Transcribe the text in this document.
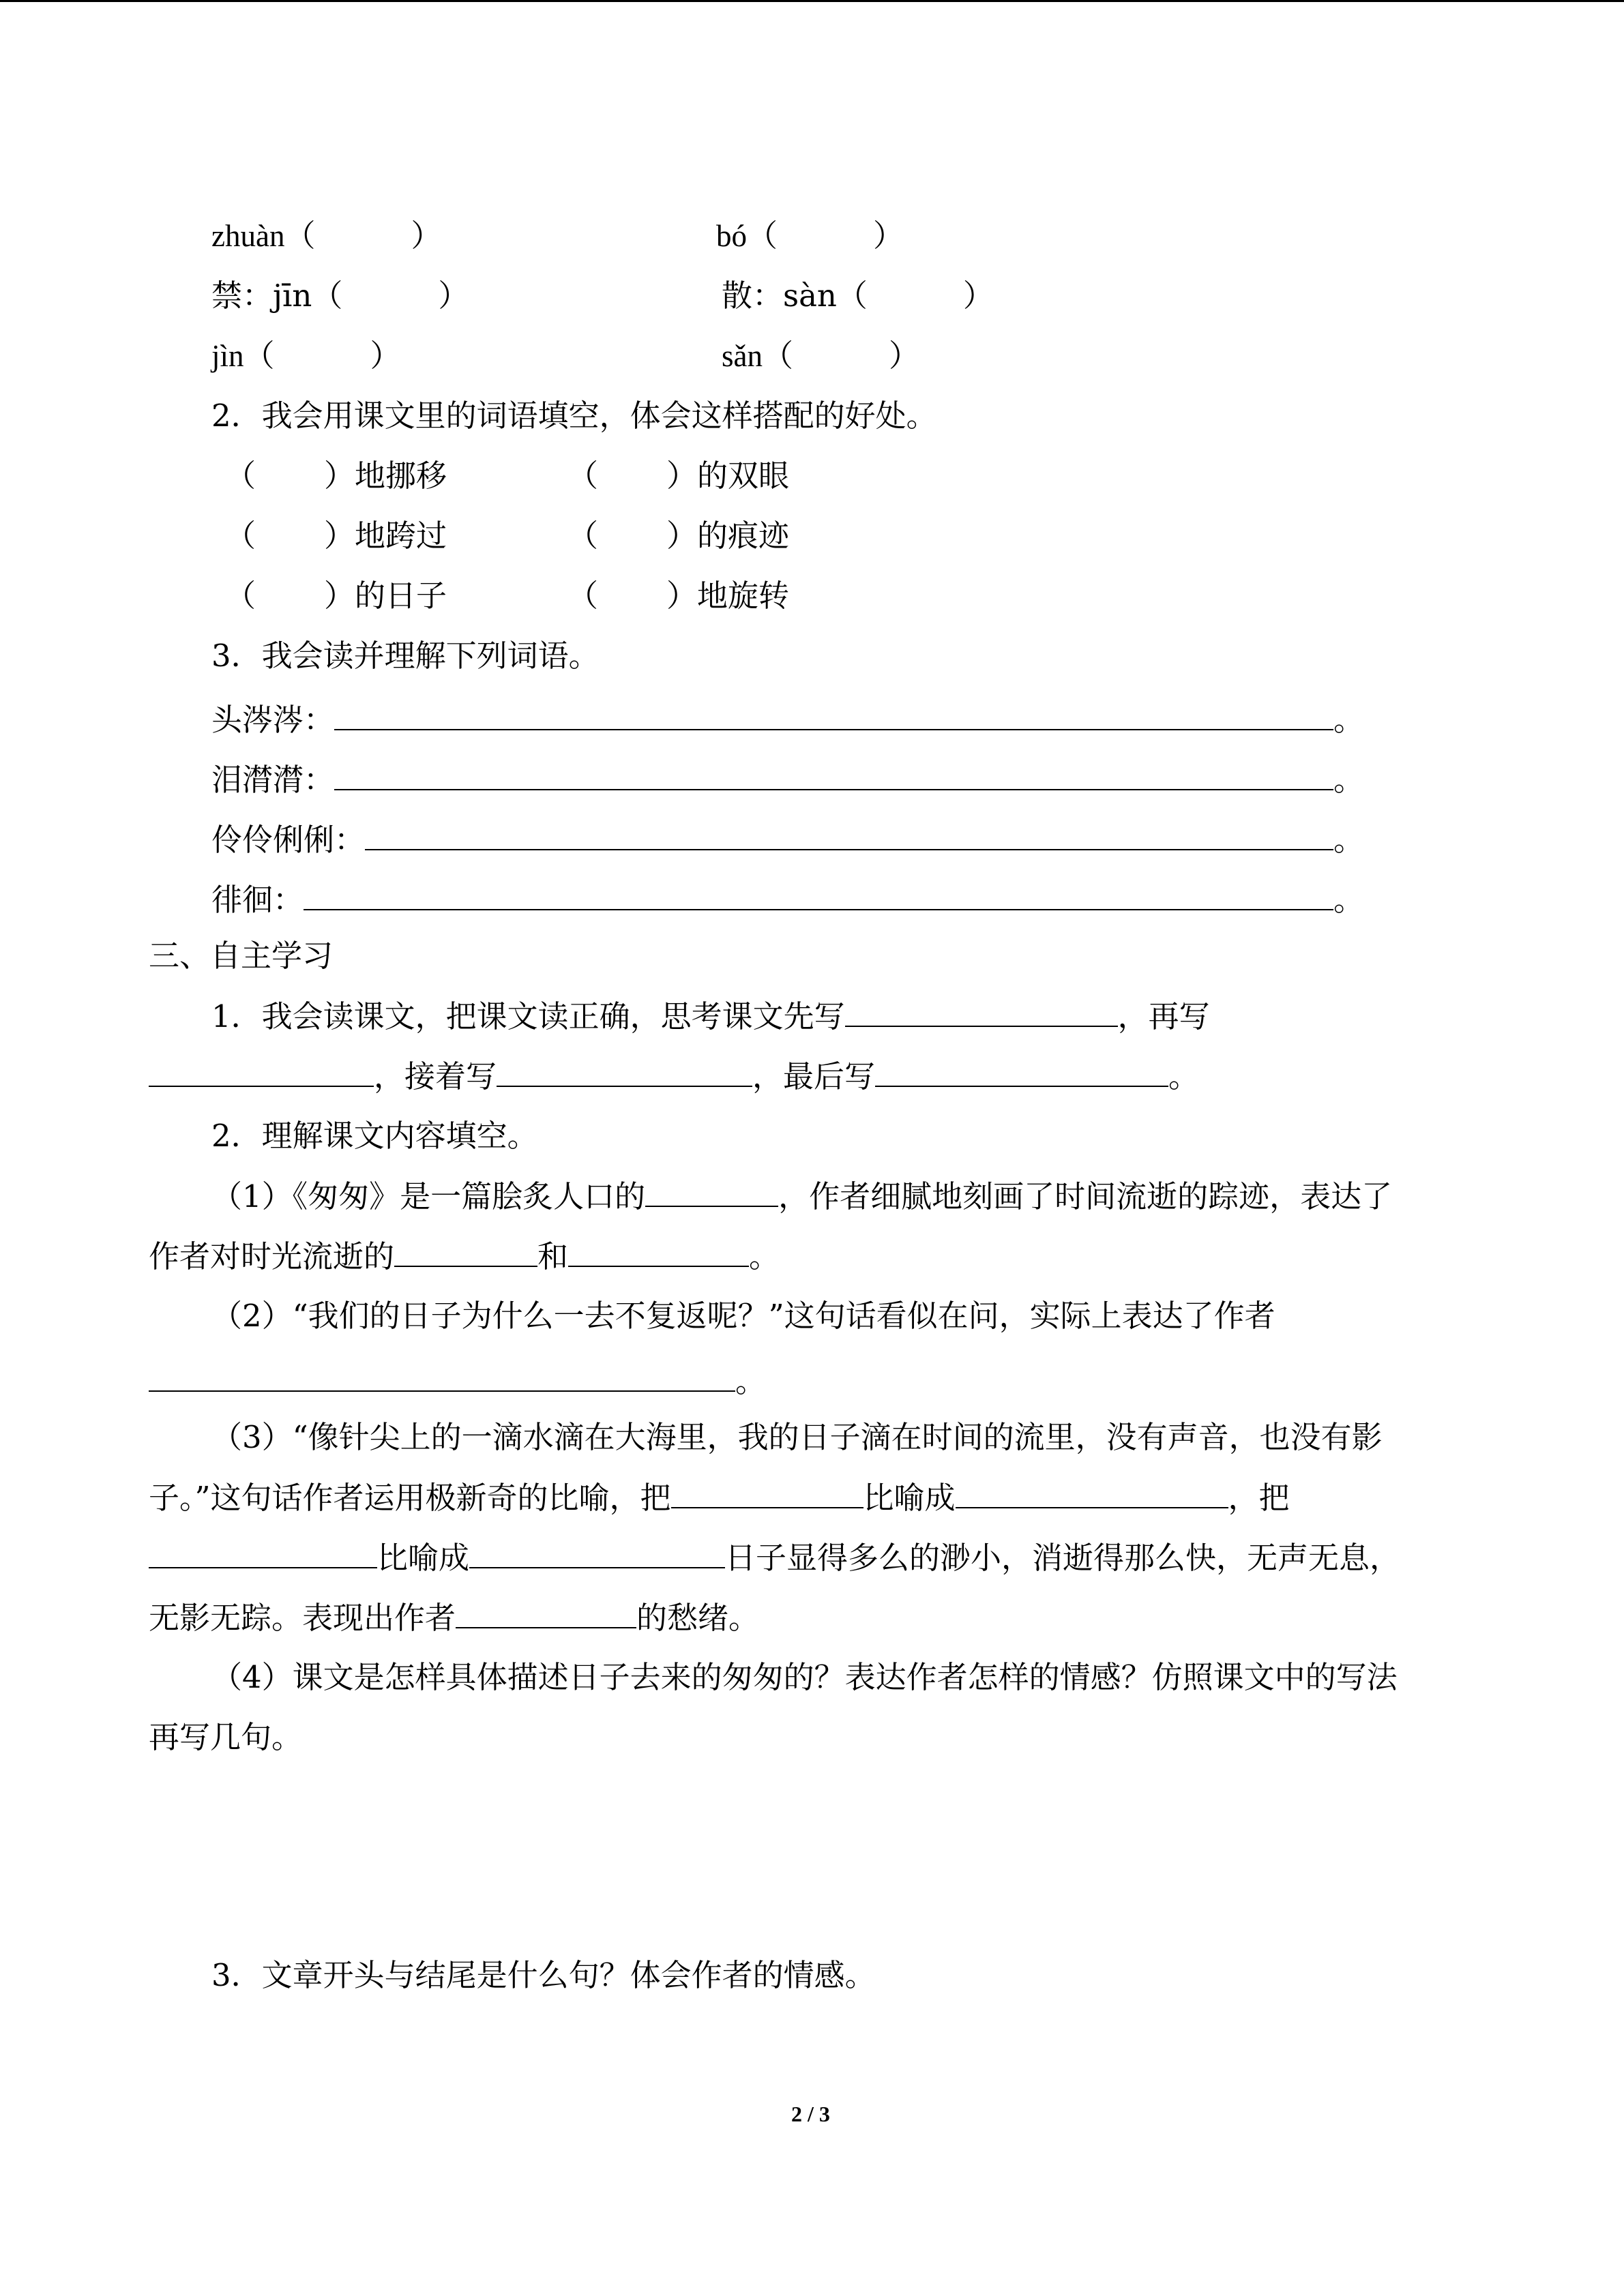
zhuàn（	）	bó（	）
禁：jīn（	）	散：sàn（	）
jìn（	）	sǎn（	）
2．我会用课文里的词语填空，体会这样搭配的好处。
（ ）地挪移	（ ）的双眼
（ ）地跨过	（ ）的痕迹
（ ）的日子	（ ）地旋转
3．我会读并理解下列词语。
头涔涔：	。
泪潸潸：	。
伶伶俐俐：	。
徘徊：	。
三、自主学习
1．我会读课文，把课文读正确，思考课文先写	，再写
，接着写	，最后写	。
2．理解课文内容填空。
（1）《匆匆》是一篇脍炙人口的	，作者细腻地刻画了时间流逝的踪迹，表达了
作者对时光流逝的	和	。
（2）“我们的日子为什么一去不复返呢？”这句话看似在问，实际上表达了作者
。
（3）“像针尖上的一滴水滴在大海里，我的日子滴在时间的流里，没有声音，也没有影
子。”这句话作者运用极新奇的比喻，把	比喻成	，把
比喻成	日子显得多么的渺小，消逝得那么快，无声无息，
无影无踪。表现出作者	的愁绪。
（4）课文是怎样具体描述日子去来的匆匆的？表达作者怎样的情感？仿照课文中的写法
再写几句。
3．文章开头与结尾是什么句？体会作者的情感。
2 / 3
